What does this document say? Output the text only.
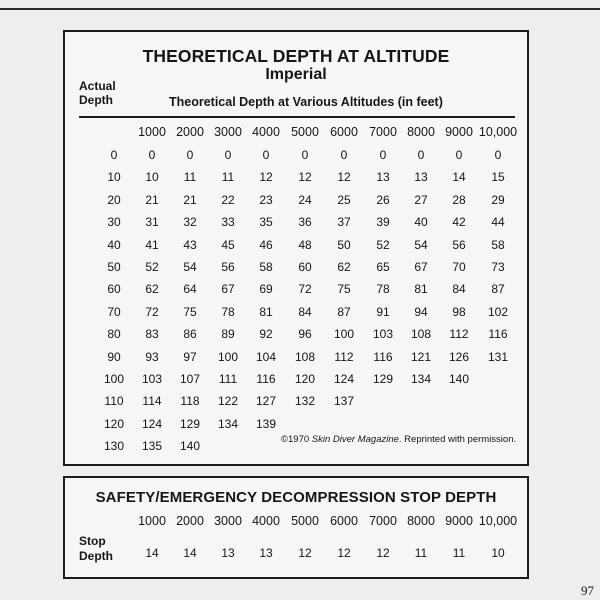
THEORETICAL DEPTH AT ALTITUDE
Imperial
Actual
Depth	Theoretical Depth at Various Altitudes (in feet)
1000 2000 3000 4000 5000 6000 7000 8000 9000 10,000
0	0	0	0	0	0	0	0	0	0	0
10	10	11	11	12	12	12	13	13	14	15
20	21	21	22	23	24	25	26	27	28	29
30	31	32	33	35	36	37	39	40	42	44
40	41	43	45	46	48	50	52	54	56	58
50	52	54	56	58	60	62	65	67	70	73
60	62	64	67	69	72	75	78	81	84	87
70	72	75	78	81	84	87	91	94	98	102
80	83	86	89	92	96	100	103	108	112	116
90	93	97	100	104	108	112	116	121	126	131
100	103	107	111	116	120	124	129	134	140
110	114	118	122	127	132	137
120	124	129	134	139
130	135	140	©1970 Skin Diver Magazine. Reprinted with permission.
SAFETY/EMERGENCY DECOMPRESSION STOP DEPTH
1000 2000 3000 4000 5000 6000 7000 8000 9000 10,000
14	14	13	13	12	12	12	11	11	10
Stop
Depth
97
